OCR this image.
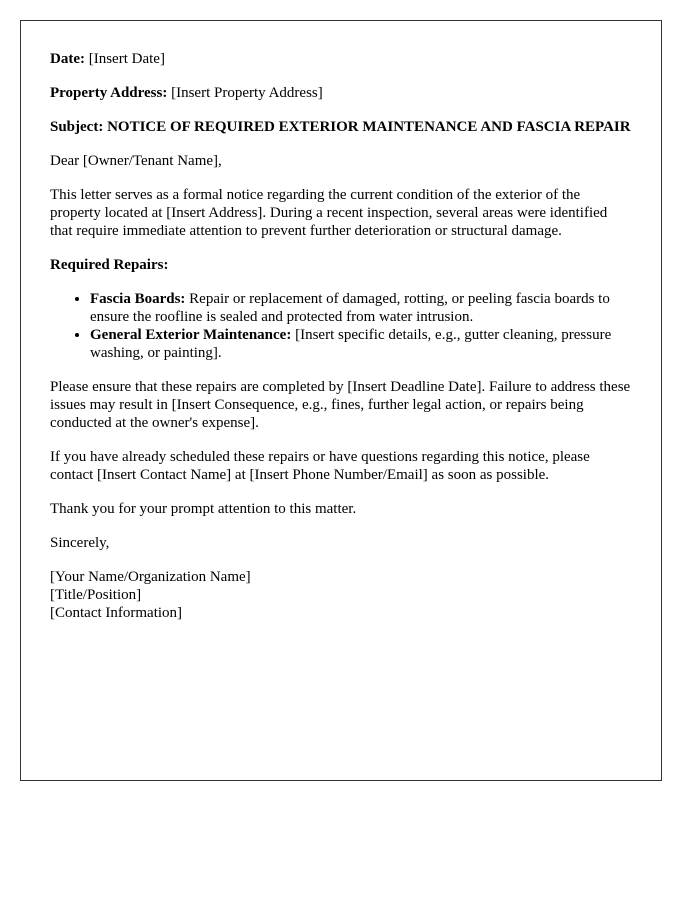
Date: [Insert Date]

Property Address: [Insert Property Address]

Subject: NOTICE OF REQUIRED EXTERIOR MAINTENANCE AND FASCIA REPAIR

Dear [Owner/Tenant Name],

This letter serves as a formal notice regarding the current condition of the exterior of the property located at [Insert Address]. During a recent inspection, several areas were identified that require immediate attention to prevent further deterioration or structural damage.

Required Repairs:

• Fascia Boards: Repair or replacement of damaged, rotting, or peeling fascia boards to ensure the roofline is sealed and protected from water intrusion.
• General Exterior Maintenance: [Insert specific details, e.g., gutter cleaning, pressure washing, or painting].

Please ensure that these repairs are completed by [Insert Deadline Date]. Failure to address these issues may result in [Insert Consequence, e.g., fines, further legal action, or repairs being conducted at the owner's expense].

If you have already scheduled these repairs or have questions regarding this notice, please contact [Insert Contact Name] at [Insert Phone Number/Email] as soon as possible.

Thank you for your prompt attention to this matter.

Sincerely,

[Your Name/Organization Name]
[Title/Position]
[Contact Information]
